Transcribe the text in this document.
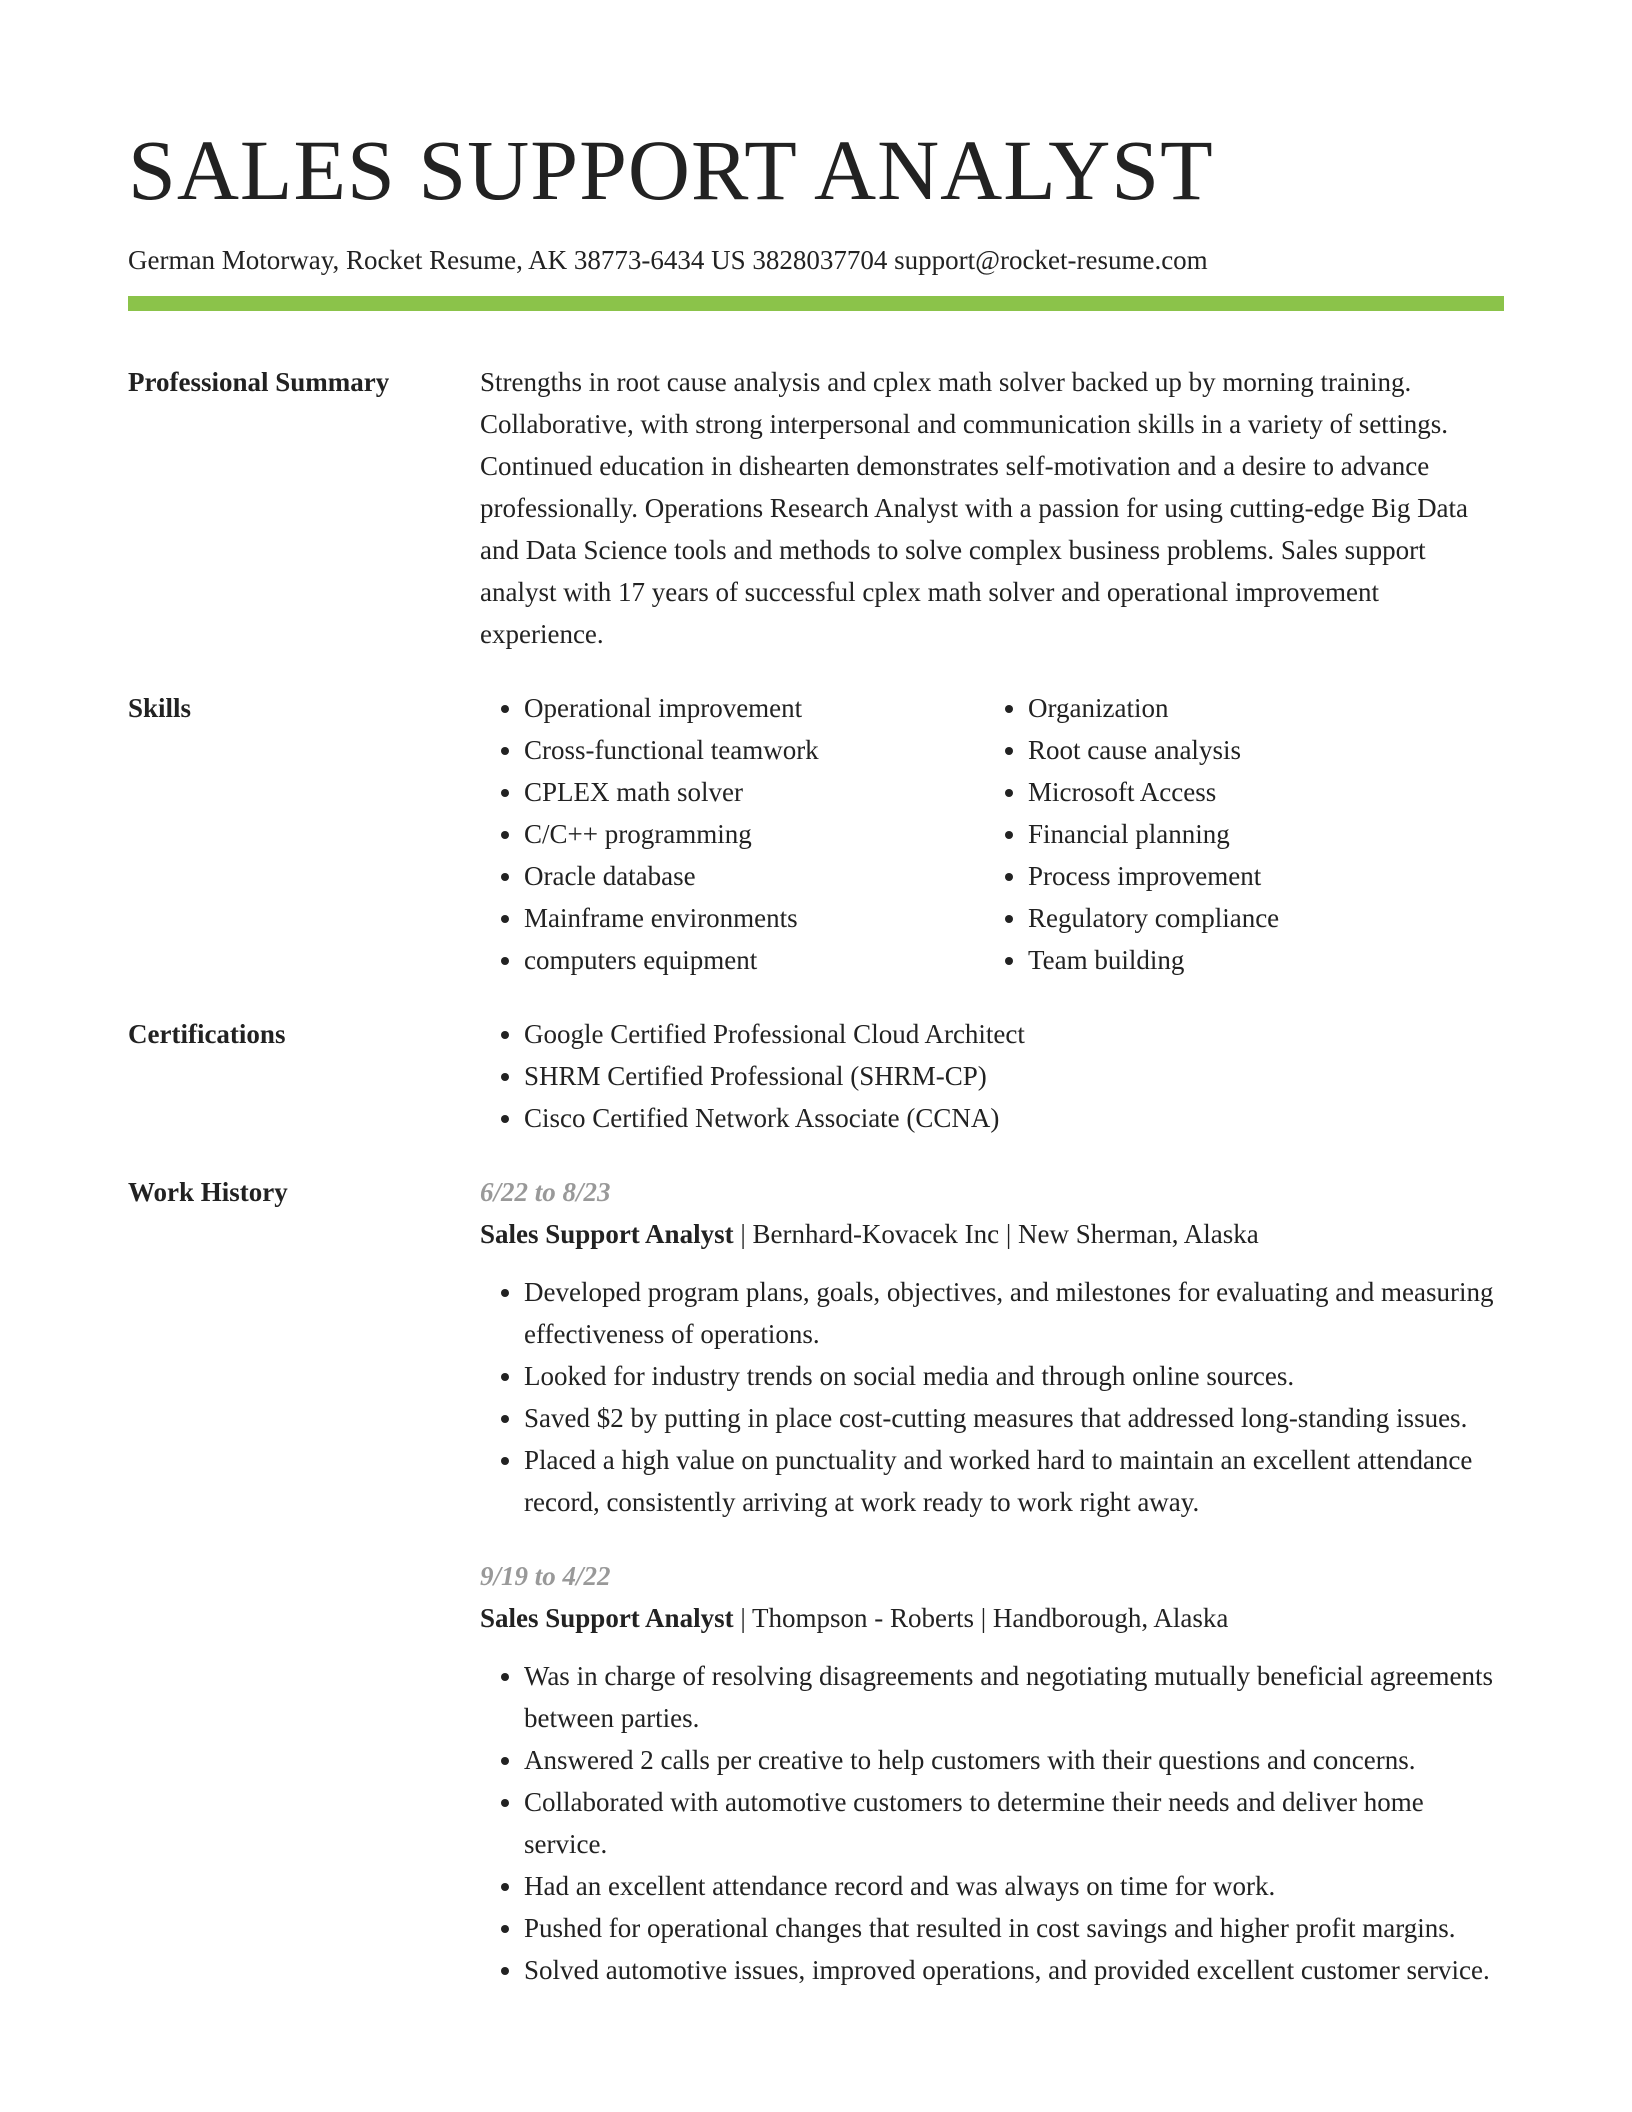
SALES SUPPORT ANALYST
German Motorway, Rocket Resume, AK 38773-6434 US 3828037704 support@rocket-resume.com
Professional Summary	Strengths in root cause analysis and cplex math solver backed up by morning training. Collaborative, with strong interpersonal and communication skills in a variety of settings. Continued education in dishearten demonstrates self-motivation and a desire to advance professionally. Operations Research Analyst with a passion for using cutting-edge Big Data and Data Science tools and methods to solve complex business problems. Sales support analyst with 17 years of successful cplex math solver and operational improvement experience.
Skills	• Operational improvement
• Cross-functional teamwork
• CPLEX math solver
• C/C++ programming
• Oracle database
• Mainframe environments
• computers equipment
• Organization
• Root cause analysis
• Microsoft Access
• Financial planning
• Process improvement
• Regulatory compliance
• Team building
Certifications	• Google Certified Professional Cloud Architect
• SHRM Certified Professional (SHRM-CP)
• Cisco Certified Network Associate (CCNA)
Work History	6/22 to 8/23
Sales Support Analyst | Bernhard-Kovacek Inc | New Sherman, Alaska
• Developed program plans, goals, objectives, and milestones for evaluating and measuring effectiveness of operations.
• Looked for industry trends on social media and through online sources.
• Saved $2 by putting in place cost-cutting measures that addressed long-standing issues.
• Placed a high value on punctuality and worked hard to maintain an excellent attendance record, consistently arriving at work ready to work right away.
9/19 to 4/22
Sales Support Analyst | Thompson - Roberts | Handborough, Alaska
• Was in charge of resolving disagreements and negotiating mutually beneficial agreements between parties.
• Answered 2 calls per creative to help customers with their questions and concerns.
• Collaborated with automotive customers to determine their needs and deliver home service.
• Had an excellent attendance record and was always on time for work.
• Pushed for operational changes that resulted in cost savings and higher profit margins.
• Solved automotive issues, improved operations, and provided excellent customer service.
